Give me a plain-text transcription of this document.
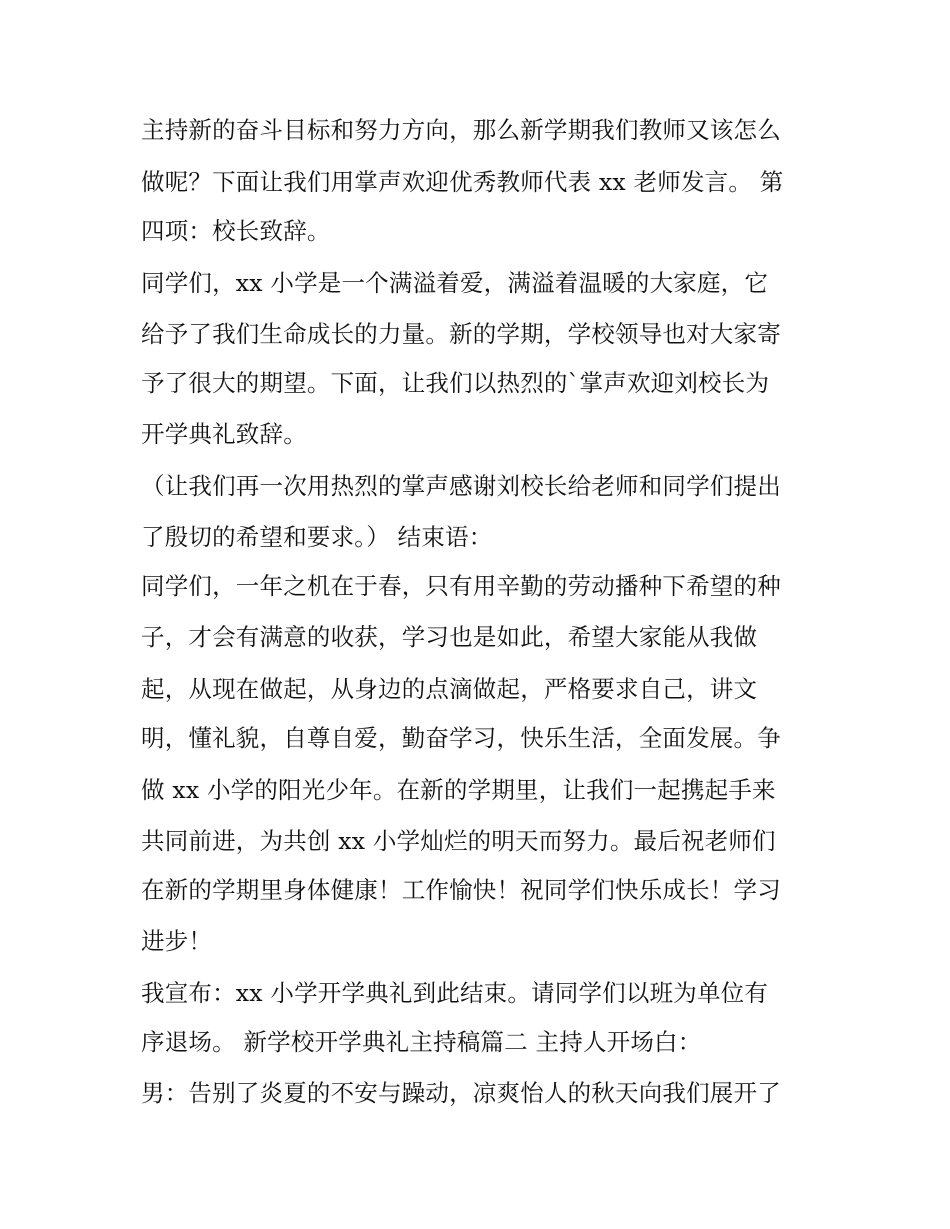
主持新的奋斗目标和努力方向，那么新学期我们教师又该怎么
做呢？下面让我们用掌声欢迎优秀教师代表 xx 老师发言。 第
四项：校长致辞。
同学们，xx 小学是一个满溢着爱，满溢着温暖的大家庭，它
给予了我们生命成长的力量。新的学期，学校领导也对大家寄
予了很大的期望。下面，让我们以热烈的`掌声欢迎刘校长为
开学典礼致辞。
（让我们再一次用热烈的掌声感谢刘校长给老师和同学们提出
了殷切的希望和要求。） 结束语：
同学们，一年之机在于春，只有用辛勤的劳动播种下希望的种
子，才会有满意的收获，学习也是如此，希望大家能从我做
起，从现在做起，从身边的点滴做起，严格要求自己，讲文
明，懂礼貌，自尊自爱，勤奋学习，快乐生活，全面发展。争
做 xx 小学的阳光少年。在新的学期里，让我们一起携起手来
共同前进，为共创 xx 小学灿烂的明天而努力。最后祝老师们
在新的学期里身体健康！工作愉快！祝同学们快乐成长！学习
进步！
我宣布：xx 小学开学典礼到此结束。请同学们以班为单位有
序退场。 新学校开学典礼主持稿篇二 主持人开场白：
男：告别了炎夏的不安与躁动，凉爽怡人的秋天向我们展开了
